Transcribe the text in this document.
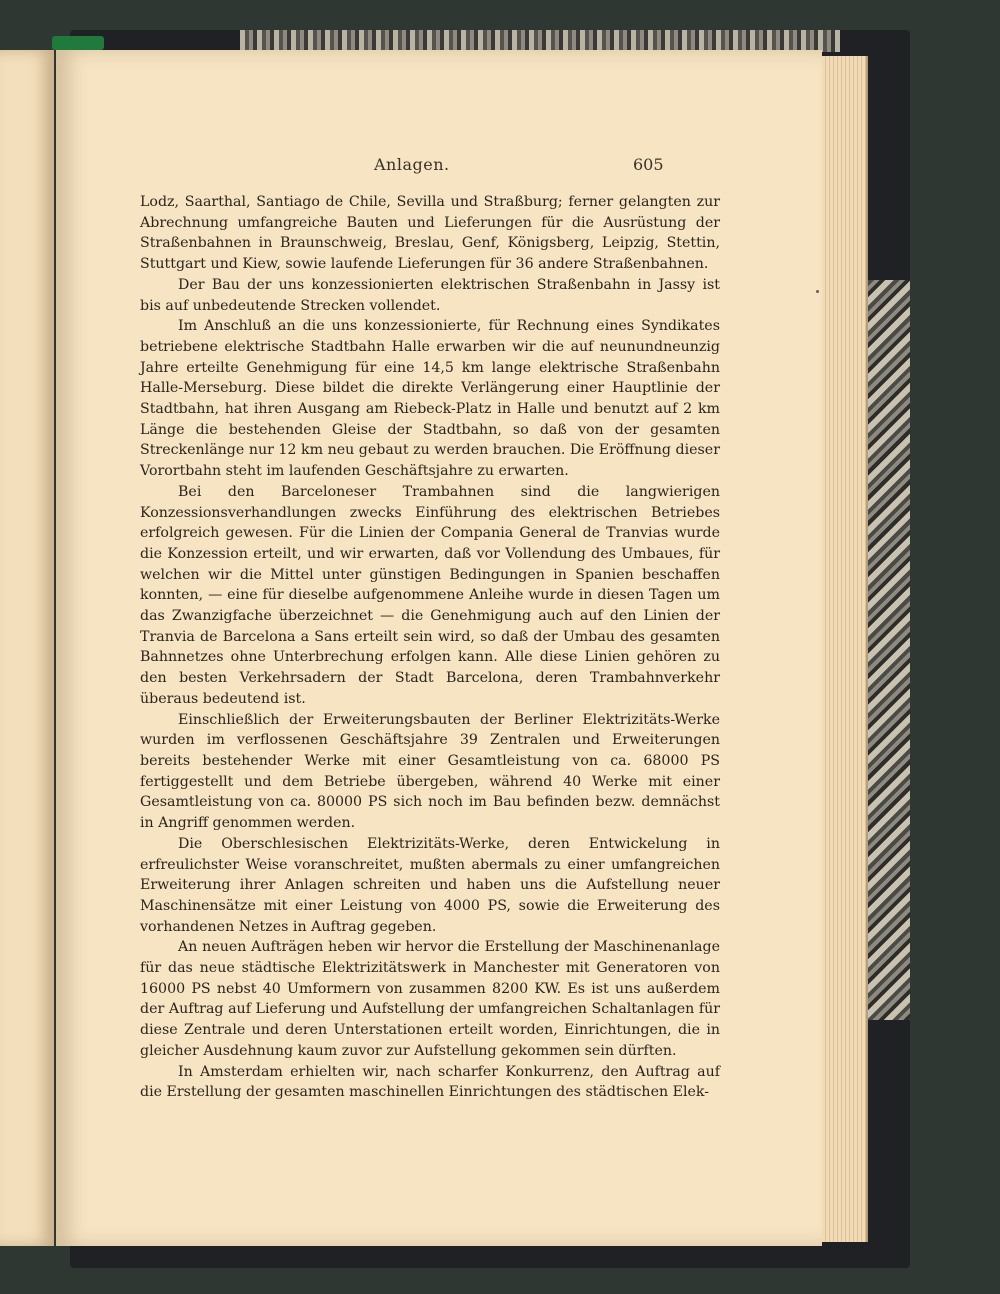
Anlagen.	605

Lodz, Saarthal, Santiago de Chile, Sevilla und Straßburg; ferner gelangten zur Abrechnung umfangreiche Bauten und Lieferungen für die Ausrüstung der Straßenbahnen in Braunschweig, Breslau, Genf, Königsberg, Leipzig, Stettin, Stuttgart und Kiew, sowie laufende Lieferungen für 36 andere Straßenbahnen.

Der Bau der uns konzessionierten elektrischen Straßenbahn in Jassy ist bis auf unbedeutende Strecken vollendet.

Im Anschluß an die uns konzessionierte, für Rechnung eines Syndikates betriebene elektrische Stadtbahn Halle erwarben wir die auf neunundneunzig Jahre erteilte Genehmigung für eine 14,5 km lange elektrische Straßenbahn Halle-Merseburg. Diese bildet die direkte Verlängerung einer Hauptlinie der Stadtbahn, hat ihren Ausgang am Riebeck-Platz in Halle und benutzt auf 2 km Länge die bestehenden Gleise der Stadtbahn, so daß von der gesamten Streckenlänge nur 12 km neu gebaut zu werden brauchen. Die Eröffnung dieser Vorortbahn steht im laufenden Geschäftsjahre zu erwarten.

Bei den Barceloneser Trambahnen sind die langwierigen Konzessionsverhandlungen zwecks Einführung des elektrischen Betriebes erfolgreich gewesen. Für die Linien der Compania General de Tranvias wurde die Konzession erteilt, und wir erwarten, daß vor Vollendung des Umbaues, für welchen wir die Mittel unter günstigen Bedingungen in Spanien beschaffen konnten, — eine für dieselbe aufgenommene Anleihe wurde in diesen Tagen um das Zwanzigfache überzeichnet — die Genehmigung auch auf den Linien der Tranvia de Barcelona a Sans erteilt sein wird, so daß der Umbau des gesamten Bahnnetzes ohne Unterbrechung erfolgen kann. Alle diese Linien gehören zu den besten Verkehrsadern der Stadt Barcelona, deren Trambahnverkehr überaus bedeutend ist.

Einschließlich der Erweiterungsbauten der Berliner Elektrizitäts-Werke wurden im verflossenen Geschäftsjahre 39 Zentralen und Erweiterungen bereits bestehender Werke mit einer Gesamtleistung von ca. 68000 PS fertiggestellt und dem Betriebe übergeben, während 40 Werke mit einer Gesamtleistung von ca. 80000 PS sich noch im Bau befinden bezw. demnächst in Angriff genommen werden.

Die Oberschlesischen Elektrizitäts-Werke, deren Entwickelung in erfreulichster Weise voranschreitet, mußten abermals zu einer umfangreichen Erweiterung ihrer Anlagen schreiten und haben uns die Aufstellung neuer Maschinensätze mit einer Leistung von 4000 PS, sowie die Erweiterung des vorhandenen Netzes in Auftrag gegeben.

An neuen Aufträgen heben wir hervor die Erstellung der Maschinenanlage für das neue städtische Elektrizitätswerk in Manchester mit Generatoren von 16000 PS nebst 40 Umformern von zusammen 8200 KW. Es ist uns außerdem der Auftrag auf Lieferung und Aufstellung der umfangreichen Schaltanlagen für diese Zentrale und deren Unterstationen erteilt worden, Einrichtungen, die in gleicher Ausdehnung kaum zuvor zur Aufstellung gekommen sein dürften.

In Amsterdam erhielten wir, nach scharfer Konkurrenz, den Auftrag auf die Erstellung der gesamten maschinellen Einrichtungen des städtischen Elek-
